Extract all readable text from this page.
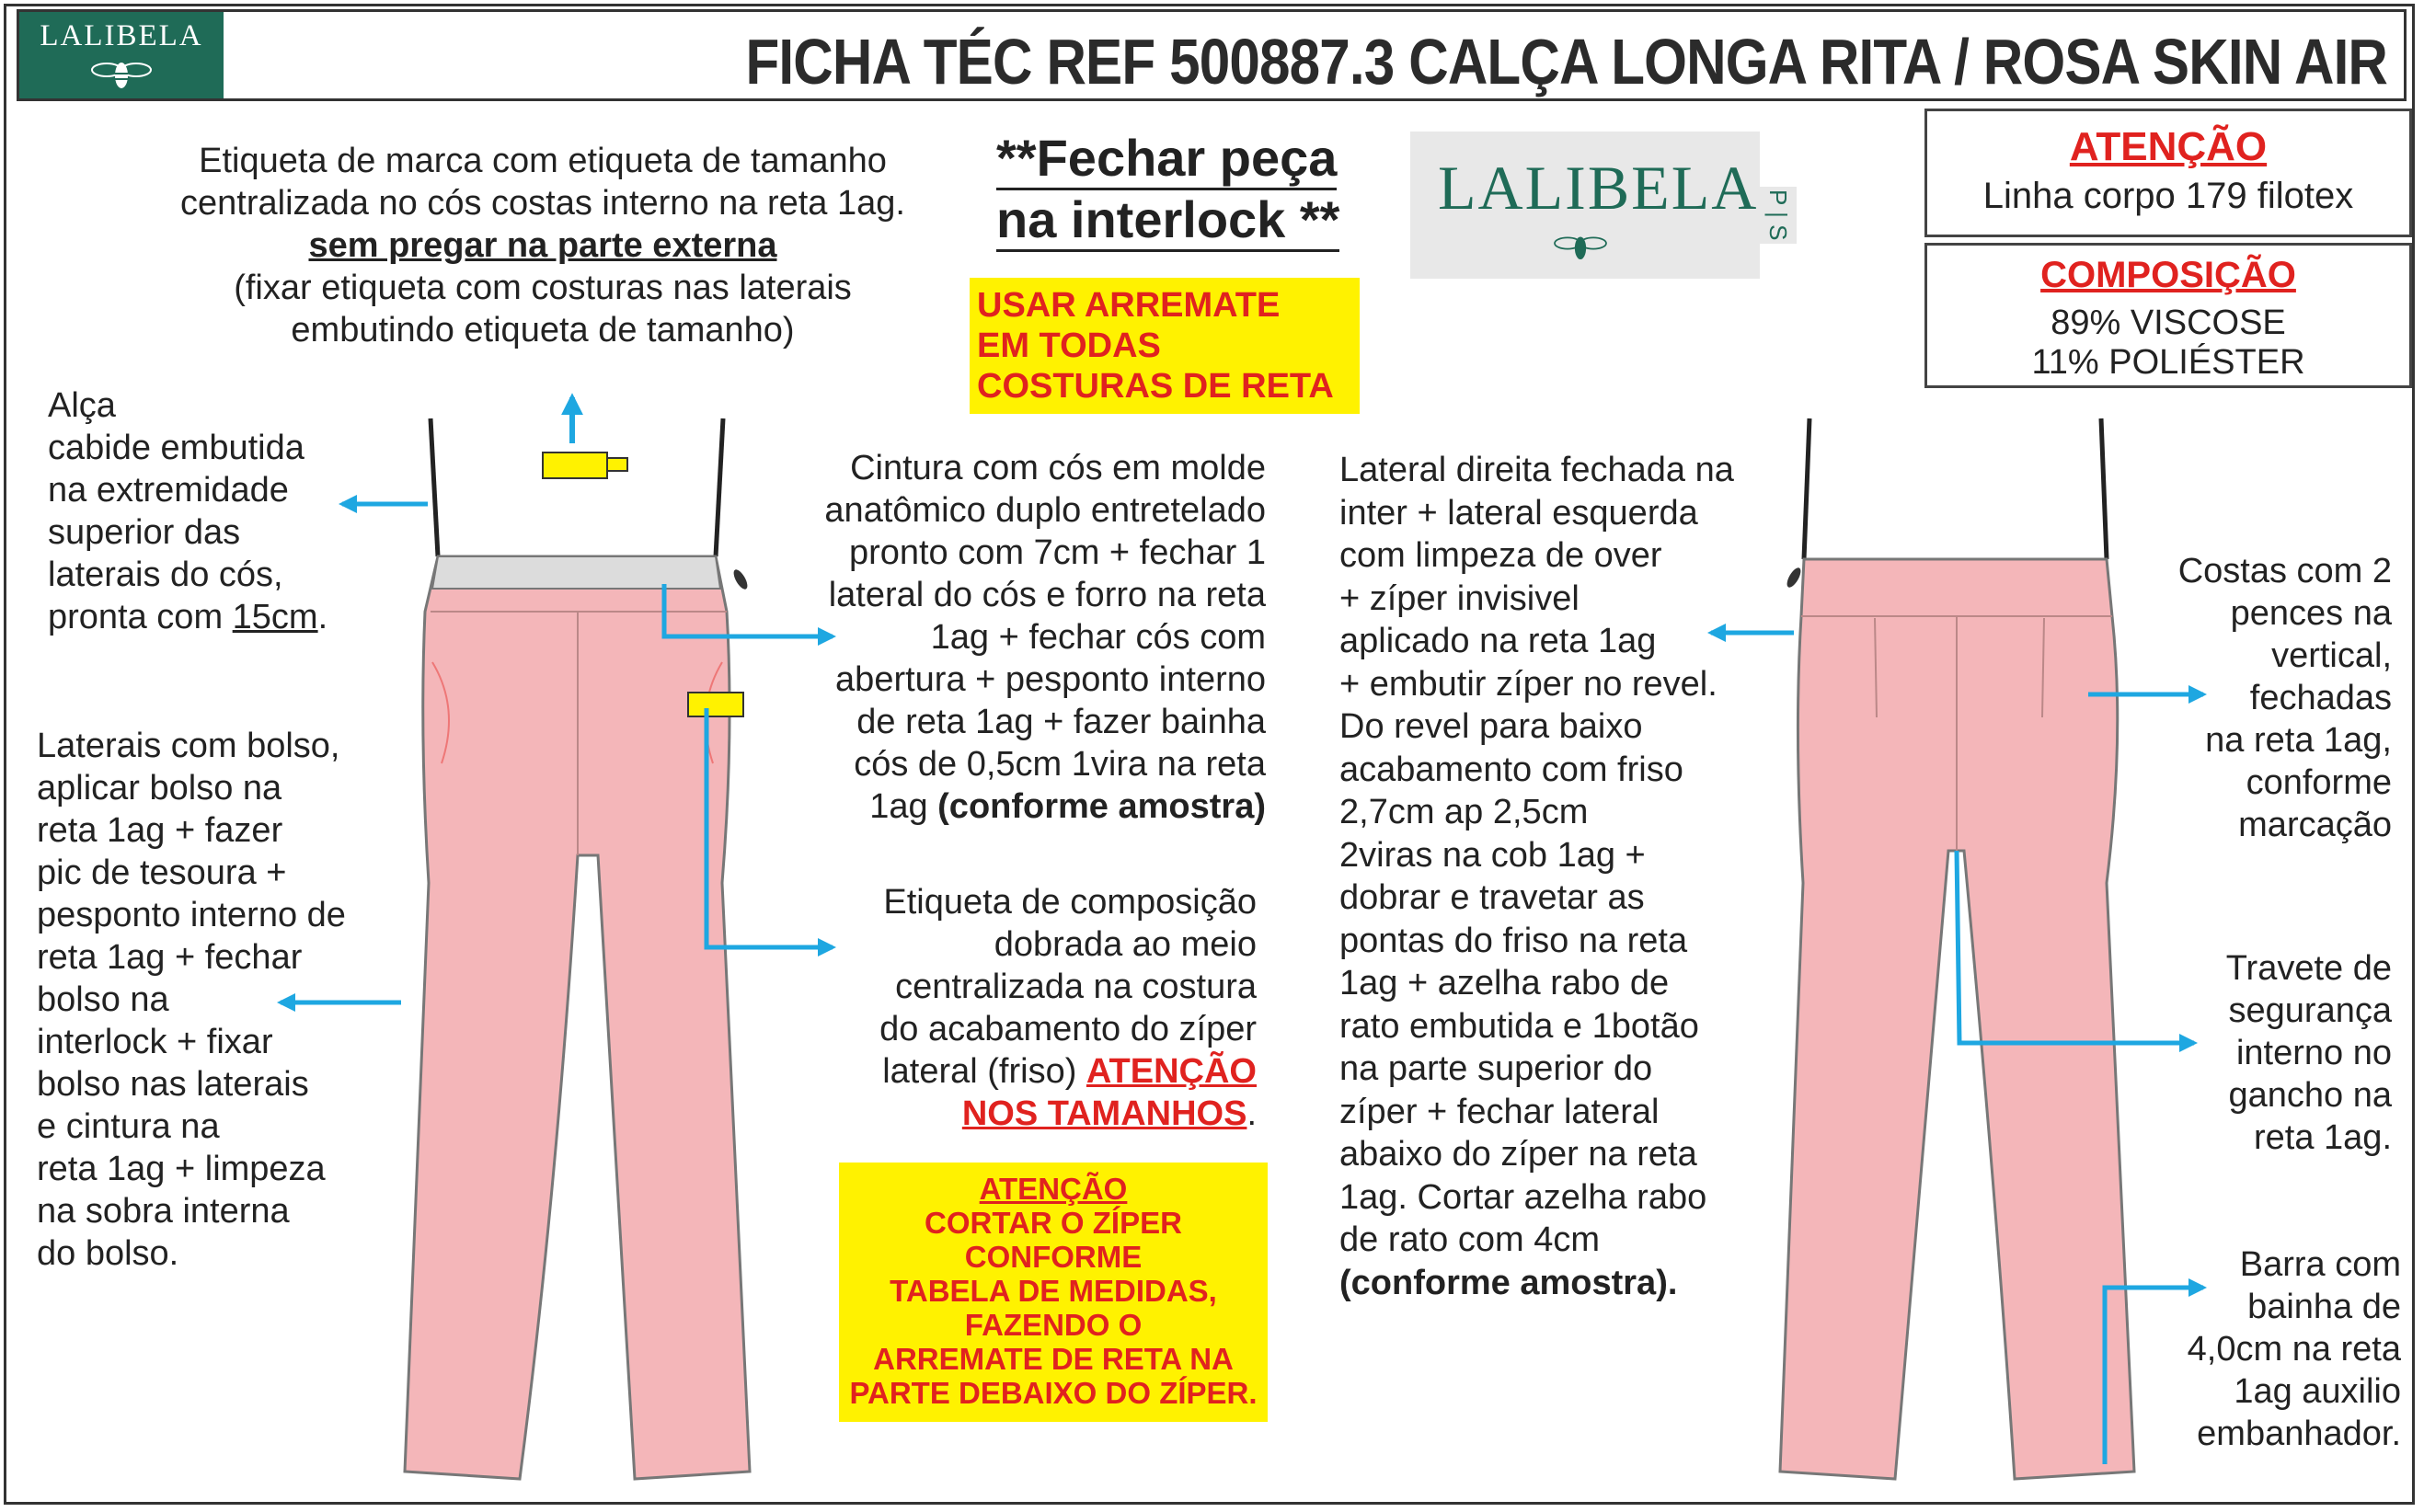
LALIBELA	FICHA TÉC REF 500887.3 CALÇA LONGA RITA / ROSA SKIN AIR
Etiqueta de marca com etiqueta de tamanho
centralizada no cós costas interno na reta 1ag.
sem pregar na parte externa
(fixar etiqueta com costuras nas laterais
embutindo etiqueta de tamanho)
**Fechar peça
na interlock **
USAR ARREMATE
EM TODAS
COSTURAS DE RETA
LALIBELA P | S
ATENÇÃO
Linha corpo 179 filotex
COMPOSIÇÃO
89% VISCOSE
11% POLIÉSTER
Alça
cabide embutida
na extremidade
superior das
laterais do cós,
pronta com 15cm.
Laterais com bolso,
aplicar bolso na
reta 1ag + fazer
pic de tesoura +
pesponto interno de
reta 1ag + fechar
bolso na
interlock + fixar
bolso nas laterais
e cintura na
reta 1ag + limpeza
na sobra interna
do bolso.
Cintura com cós em molde
anatômico duplo entretelado
pronto com 7cm + fechar 1
lateral do cós e forro na reta
1ag + fechar cós com
abertura + pesponto interno
de reta 1ag + fazer bainha
cós de 0,5cm 1vira na reta
1ag (conforme amostra)
Etiqueta de composição
dobrada ao meio
centralizada na costura
do acabamento do zíper
lateral (friso) ATENÇÃO
NOS TAMANHOS.
ATENÇÃO
CORTAR O ZÍPER
CONFORME
TABELA DE MEDIDAS,
FAZENDO O
ARREMATE DE RETA NA
PARTE DEBAIXO DO ZÍPER.
Lateral direita fechada na
inter + lateral esquerda
com limpeza de over
+ zíper invisivel
aplicado na reta 1ag
+ embutir zíper no revel.
Do revel para baixo
acabamento com friso
2,7cm ap 2,5cm
2viras na cob 1ag +
dobrar e travetar as
pontas do friso na reta
1ag + azelha rabo de
rato embutida e 1botão
na parte superior do
zíper + fechar lateral
abaixo do zíper na reta
1ag. Cortar azelha rabo
de rato com 4cm
(conforme amostra).
Costas com 2
pences na
vertical,
fechadas
na reta 1ag,
conforme
marcação
Travete de
segurança
interno no
gancho na
reta 1ag.
Barra com
bainha de
4,0cm na reta
1ag auxilio
embanhador.
